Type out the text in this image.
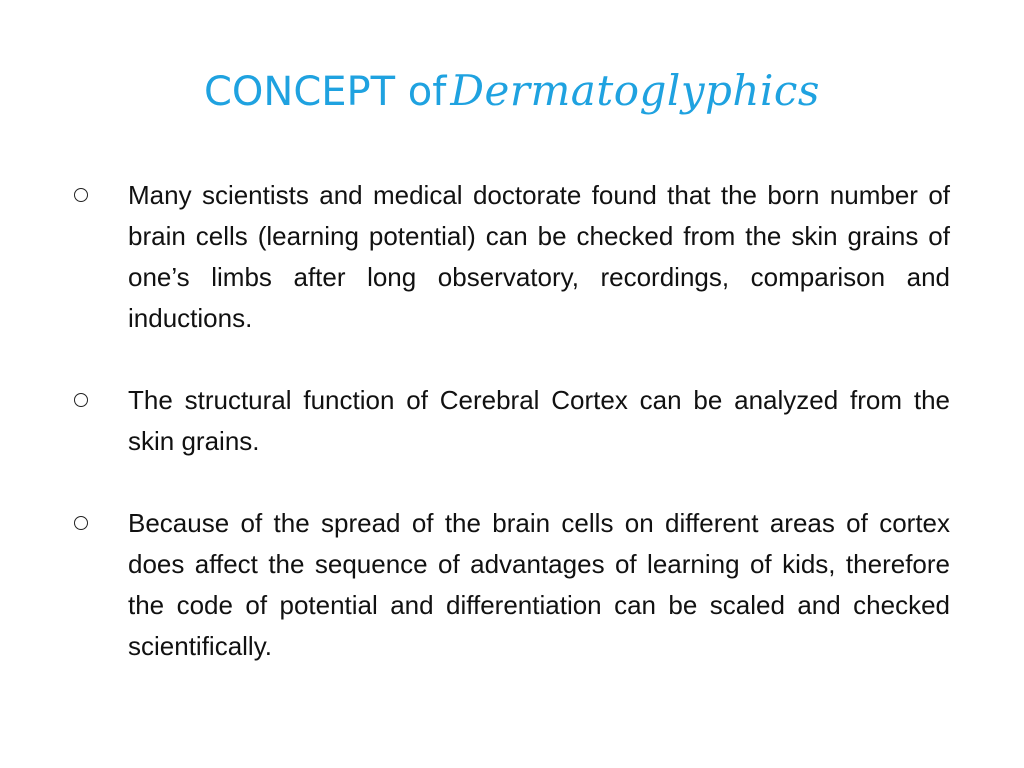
CONCEPT of Dermatoglyphics
Many scientists and medical doctorate found that the born number of brain cells (learning potential) can be checked from the skin grains of one’s limbs after long observatory, recordings, comparison and inductions.
The structural function of Cerebral Cortex can be analyzed from the skin grains.
Because of the spread of the brain cells on different areas of cortex does affect the sequence of advantages of learning of kids, therefore the code of potential and differentiation can be scaled and checked scientifically.
